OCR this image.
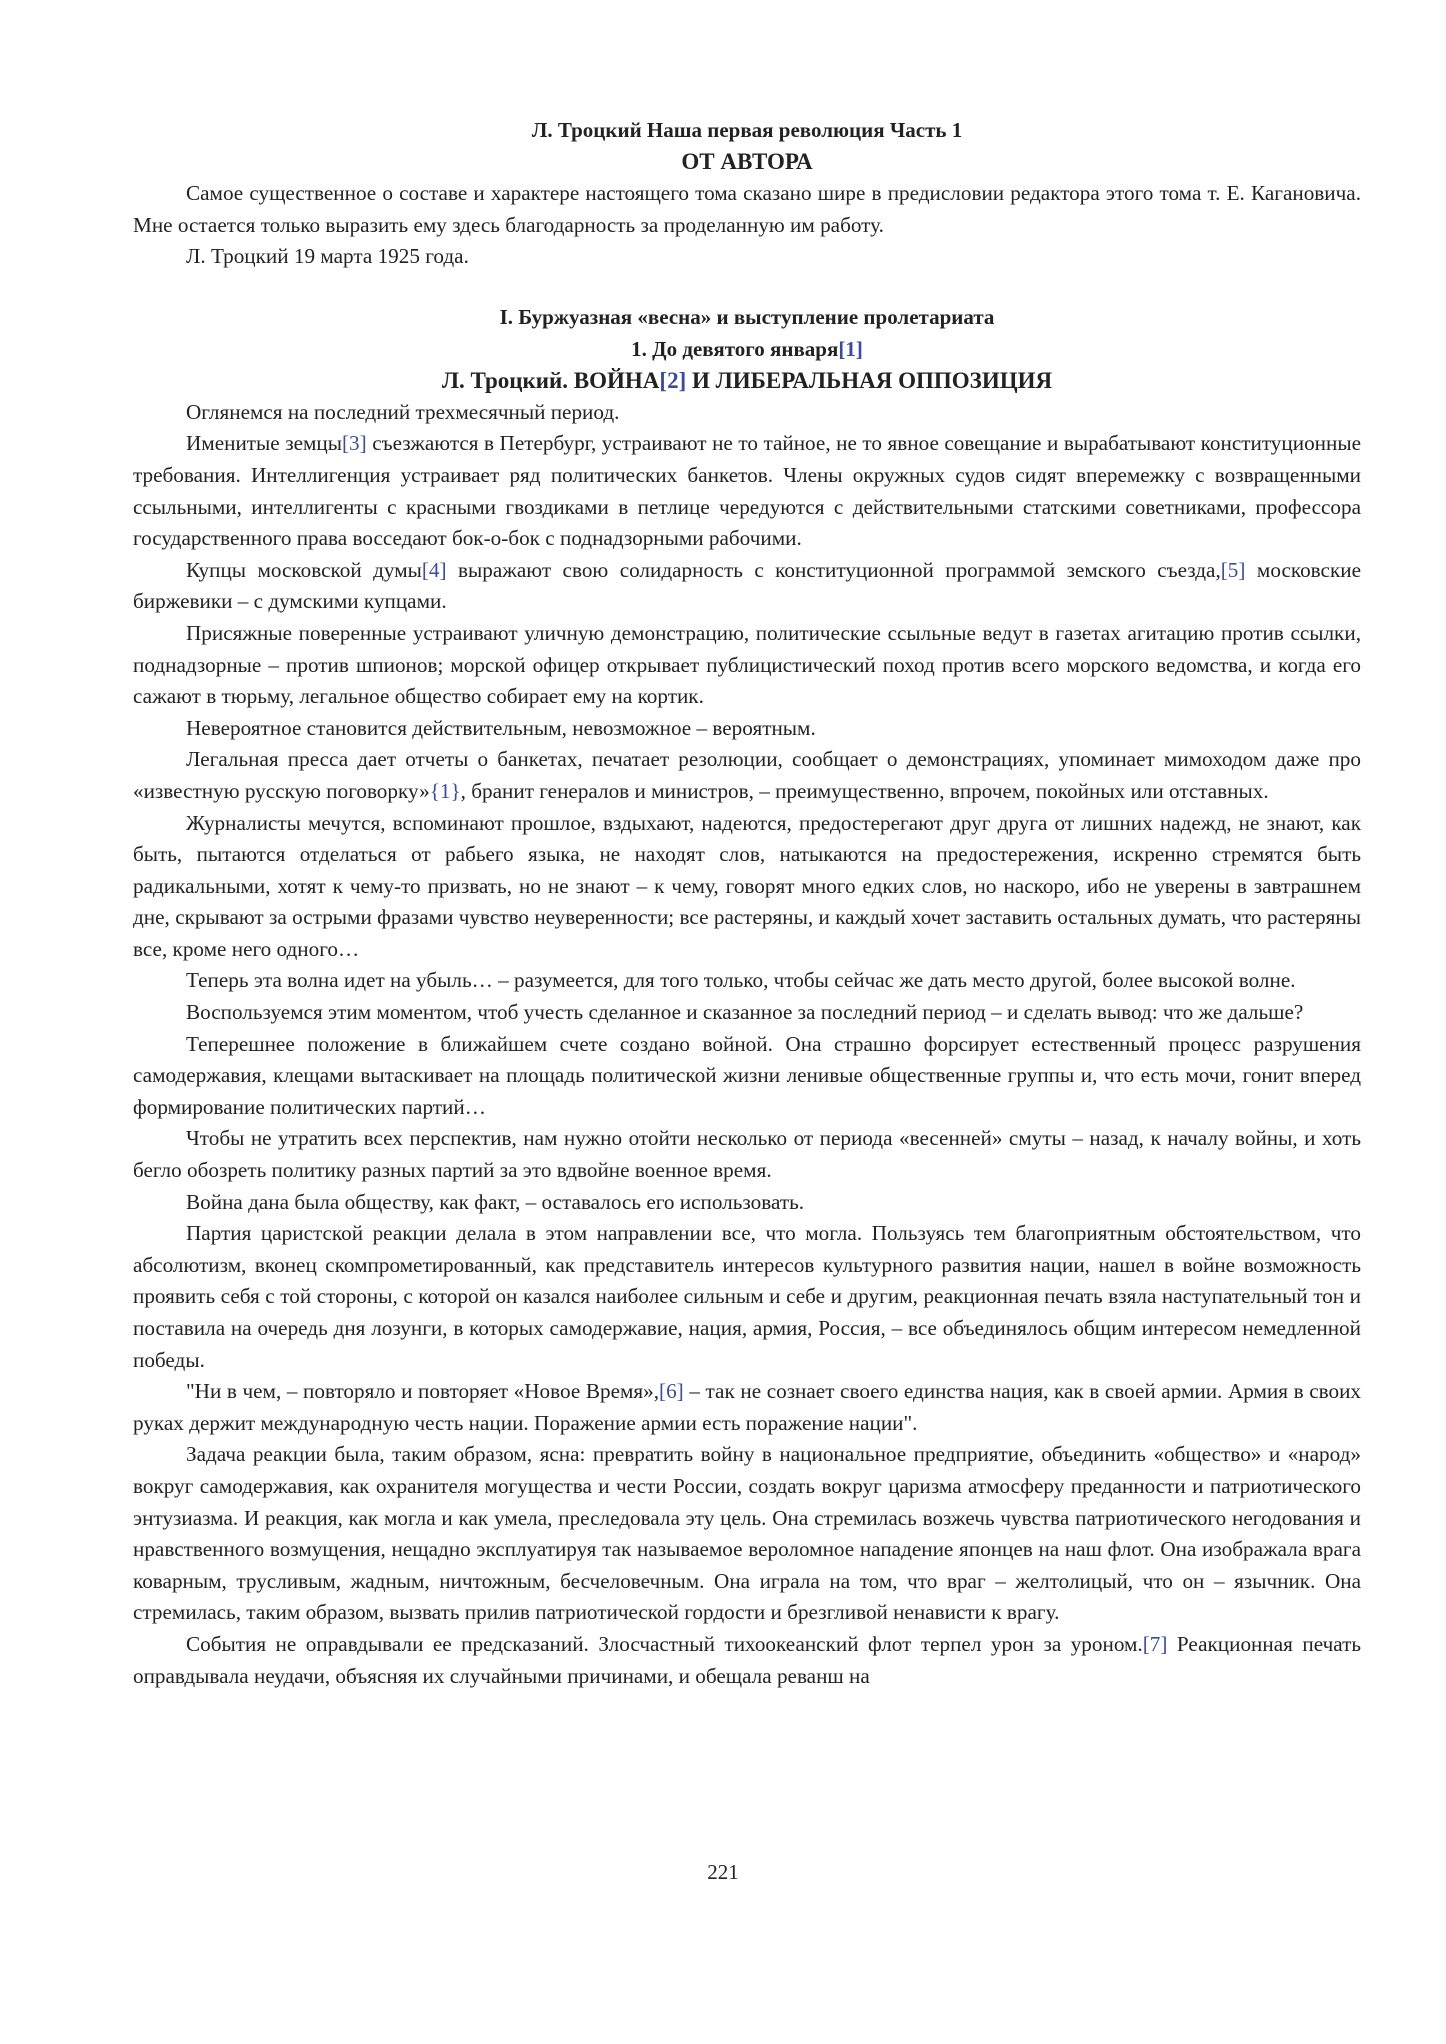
Л. Троцкий Наша первая революция Часть 1
ОТ АВТОРА

Самое существенное о составе и характере настоящего тома сказано шире в предисловии редактора этого тома т. Е. Кагановича. Мне остается только выразить ему здесь благодарность за проделанную им работу.

Л. Троцкий 19 марта 1925 года.

I. Буржуазная «весна» и выступление пролетариата
1. До девятого января[1]
Л. Троцкий. ВОЙНА[2] И ЛИБЕРАЛЬНАЯ ОППОЗИЦИЯ

Оглянемся на последний трехмесячный период.

Именитые земцы[3] съезжаются в Петербург, устраивают не то тайное, не то явное совещание и вырабатывают конституционные требования. Интеллигенция устраивает ряд политических банкетов. Члены окружных судов сидят вперемежку с возвращенными ссыльными, интеллигенты с красными гвоздиками в петлице чередуются с действительными статскими советниками, профессора государственного права восседают бок-о-бок с поднадзорными рабочими.

Купцы московской думы[4] выражают свою солидарность с конституционной программой земского съезда,[5] московские биржевики – с думскими купцами.

Присяжные поверенные устраивают уличную демонстрацию, политические ссыльные ведут в газетах агитацию против ссылки, поднадзорные – против шпионов; морской офицер открывает публицистический поход против всего морского ведомства, и когда его сажают в тюрьму, легальное общество собирает ему на кортик.

Невероятное становится действительным, невозможное – вероятным.

Легальная пресса дает отчеты о банкетах, печатает резолюции, сообщает о демонстрациях, упоминает мимоходом даже про «известную русскую поговорку»{1}, бранит генералов и министров, – преимущественно, впрочем, покойных или отставных.

Журналисты мечутся, вспоминают прошлое, вздыхают, надеются, предостерегают друг друга от лишних надежд, не знают, как быть, пытаются отделаться от рабьего языка, не находят слов, натыкаются на предостережения, искренно стремятся быть радикальными, хотят к чему-то призвать, но не знают – к чему, говорят много едких слов, но наскоро, ибо не уверены в завтрашнем дне, скрывают за острыми фразами чувство неуверенности; все растеряны, и каждый хочет заставить остальных думать, что растеряны все, кроме него одного…

Теперь эта волна идет на убыль… – разумеется, для того только, чтобы сейчас же дать место другой, более высокой волне.

Воспользуемся этим моментом, чтоб учесть сделанное и сказанное за последний период – и сделать вывод: что же дальше?

Теперешнее положение в ближайшем счете создано войной. Она страшно форсирует естественный процесс разрушения самодержавия, клещами вытаскивает на площадь политической жизни ленивые общественные группы и, что есть мочи, гонит вперед формирование политических партий…

Чтобы не утратить всех перспектив, нам нужно отойти несколько от периода «весенней» смуты – назад, к началу войны, и хоть бегло обозреть политику разных партий за это вдвойне военное время.

Война дана была обществу, как факт, – оставалось его использовать.

Партия царистской реакции делала в этом направлении все, что могла. Пользуясь тем благоприятным обстоятельством, что абсолютизм, вконец скомпрометированный, как представитель интересов культурного развития нации, нашел в войне возможность проявить себя с той стороны, с которой он казался наиболее сильным и себе и другим, реакционная печать взяла наступательный тон и поставила на очередь дня лозунги, в которых самодержавие, нация, армия, Россия, – все объединялось общим интересом немедленной победы.

"Ни в чем, – повторяло и повторяет «Новое Время»,[6] – так не сознает своего единства нация, как в своей армии. Армия в своих руках держит международную честь нации. Поражение армии есть поражение нации".

Задача реакции была, таким образом, ясна: превратить войну в национальное предприятие, объединить «общество» и «народ» вокруг самодержавия, как охранителя могущества и чести России, создать вокруг царизма атмосферу преданности и патриотического энтузиазма. И реакция, как могла и как умела, преследовала эту цель. Она стремилась возжечь чувства патриотического негодования и нравственного возмущения, нещадно эксплуатируя так называемое вероломное нападение японцев на наш флот. Она изображала врага коварным, трусливым, жадным, ничтожным, бесчеловечным. Она играла на том, что враг – желтолицый, что он – язычник. Она стремилась, таким образом, вызвать прилив патриотической гордости и брезгливой ненависти к врагу.

События не оправдывали ее предсказаний. Злосчастный тихоокеанский флот терпел урон за уроном.[7] Реакционная печать оправдывала неудачи, объясняя их случайными причинами, и обещала реванш на

221
